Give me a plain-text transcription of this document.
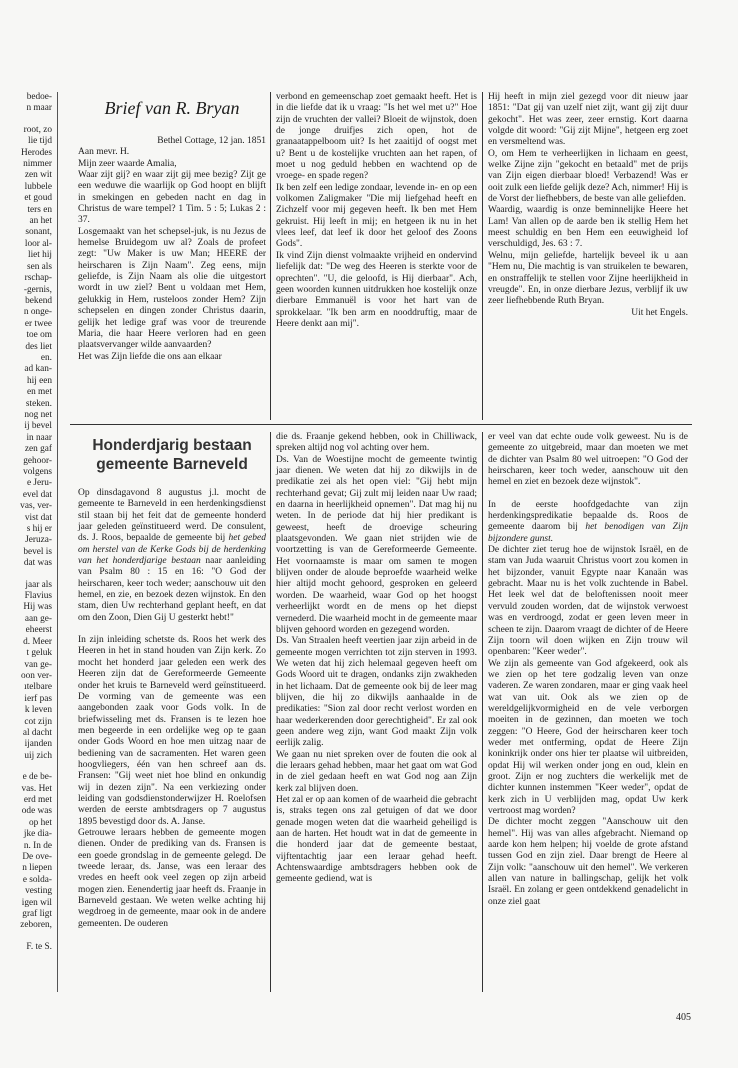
bedoe-
n maar
root, zo
lie tijd
Herodes
nimmer
zen wit
lubbele
et goud
ters en
an het
sonant,
loor al-
liet hij
sen als
rschap-
-gernis,
bekend
n onge-
er twee
toe om
des liet
en.
ad kan-
hij een
en met
steken.
nog net
ij bevel
in naar
zen gaf
gehoor-
volgens
e Jeru-
evel dat
vas, ver-
vist dat
s hij er
Jeruza-
bevel is
dat was
jaar als
Flavius
Hij was
aan ge-
eheerst
d. Meer
t geluk
van ge-
oon ver-
ıtelbare
ierf pas
k leven
cot zijn
al dacht
ijanden
uij zich
e de be-
vas. Het
erd met
ode was
op het
jke dia-
n. In de
De ove-
n liepen
e solda-
vesting
igen wil
graf ligt
zeboren,
F. te S.
Brief van R. Bryan

Bethel Cottage, 12 jan. 1851

Aan mevr. H.

Mijn zeer waarde Amalia,

Waar zijt gij? en waar zijt gij mee bezig? Zijt ge een weduwe die waarlijk op God hoopt en blijft in smekingen en gebeden nacht en dag in Christus de ware tempel? 1 Tim. 5 : 5; Lukas 2 : 37.

Losgemaakt van het schepsel-juk, is nu Jezus de hemelse Bruidegom uw al? Zoals de profeet zegt: "Uw Maker is uw Man; HEERE der heirscharen is Zijn Naam". Zeg eens, mijn geliefde, is Zijn Naam als olie die uitgestort wordt in uw ziel? Bent u voldaan met Hem, gelukkig in Hem, rusteloos zonder Hem? Zijn schepselen en dingen zonder Christus daarin, gelijk het ledige graf was voor de treurende Maria, die haar Heere verloren had en geen plaatsvervanger wilde aanvaarden?

Het was Zijn liefde die ons aan elkaar

verbond en gemeenschap zoet gemaakt heeft. Het is in die liefde dat ik u vraag: "Is het wel met u?" Hoe zijn de vruchten der vallei? Bloeit de wijnstok, doen de jonge druifjes zich open, hot de granaatappelboom uit? Is het zaaitijd of oogst met u? Bent u de kostelijke vruchten aan het rapen, of moet u nog geduld hebben en wachtend op de vroege- en spade regen?

Ik ben zelf een ledige zondaar, levende in- en op een volkomen Zaligmaker "Die mij liefgehad heeft en Zichzelf voor mij gegeven heeft. Ik ben met Hem gekruist. Hij leeft in mij; en hetgeen ik nu in het vlees leef, dat leef ik door het geloof des Zoons Gods".

Ik vind Zijn dienst volmaakte vrijheid en ondervind liefelijk dat: "De weg des Heeren is sterkte voor de oprechten". "U, die geloofd, is Hij dierbaar". Ach, geen woorden kunnen uitdrukken hoe kostelijk onze dierbare Emmanuël is voor het hart van de sprokkelaar. "Ik ben arm en nooddruftig, maar de Heere denkt aan mij".

Hij heeft in mijn ziel gezegd voor dit nieuw jaar 1851: "Dat gij van uzelf niet zijt, want gij zijt duur gekocht". Het was zeer, zeer ernstig. Kort daarna volgde dit woord: "Gij zijt Mijne", hetgeen erg zoet en versmeltend was.

O, om Hem te verheerlijken in lichaam en geest, welke Zijne zijn "gekocht en betaald" met de prijs van Zijn eigen dierbaar bloed! Verbazend! Was er ooit zulk een liefde gelijk deze? Ach, nimmer! Hij is de Vorst der liefhebbers, de beste van alle geliefden.

Waardig, waardig is onze beminnelijke Heere het Lam! Van allen op de aarde ben ik stellig Hem het meest schuldig en ben Hem een eeuwigheid lof verschuldigd, Jes. 63 : 7.

Welnu, mijn geliefde, hartelijk beveel ik u aan "Hem nu, Die machtig is van struikelen te bewaren, en onstraffelijk te stellen voor Zijne heerlijkheid in vreugde". En, in onze dierbare Jezus, verblijf ik uw zeer liefhebbende Ruth Bryan.

Uit het Engels.

Honderdjarig bestaan gemeente Barneveld

Op dinsdagavond 8 augustus j.l. mocht de gemeente te Barneveld in een herdenkingsdienst stil staan bij het feit dat de gemeente honderd jaar geleden geïnstitueerd werd. De consulent, ds. J. Roos, bepaalde de gemeente bij het gebed om herstel van de Kerke Gods bij de herdenking van het honderdjarige bestaan naar aanleiding van Psalm 80 : 15 en 16: "O God der heirscharen, keer toch weder; aanschouw uit den hemel, en zie, en bezoek dezen wijnstok. En den stam, dien Uw rechterhand geplant heeft, en dat om den Zoon, Dien Gij U gesterkt hebt!"

In zijn inleiding schetste ds. Roos het werk des Heeren in het in stand houden van Zijn kerk. Zo mocht het honderd jaar geleden een werk des Heeren zijn dat de Gereformeerde Gemeente onder het kruis te Barneveld werd geïnstitueerd. De vorming van de gemeente was een aangebonden zaak voor Gods volk. In de briefwisseling met ds. Fransen is te lezen hoe men begeerde in een ordelijke weg op te gaan onder Gods Woord en hoe men uitzag naar de bediening van de sacramenten. Het waren geen hoogvliegers, één van hen schreef aan ds. Fransen: "Gij weet niet hoe blind en onkundig wij in dezen zijn". Na een verkiezing onder leiding van godsdienstonderwijzer H. Roelofsen werden de eerste ambtsdragers op 7 augustus 1895 bevestigd door ds. A. Janse.

Getrouwe leraars hebben de gemeente mogen dienen. Onder de prediking van ds. Fransen is een goede grondslag in de gemeente gelegd. De tweede leraar, ds. Janse, was een leraar des vredes en heeft ook veel zegen op zijn arbeid mogen zien. Eenendertig jaar heeft ds. Fraanje in Barneveld gestaan. We weten welke achting hij wegdroeg in de gemeente, maar ook in de andere gemeenten. De ouderen

die ds. Fraanje gekend hebben, ook in Chilliwack, spreken altijd nog vol achting over hem.

Ds. Van de Woestijne mocht de gemeente twintig jaar dienen. We weten dat hij zo dikwijls in de predikatie zei als het open viel: "Gij hebt mijn rechterhand gevat; Gij zult mij leiden naar Uw raad; en daarna in heerlijkheid opnemen". Dat mag hij nu weten. In de periode dat hij hier predikant is geweest, heeft de droevige scheuring plaatsgevonden. We gaan niet strijden wie de voortzetting is van de Gereformeerde Gemeente. Het voornaamste is maar om samen te mogen blijven onder de aloude beproefde waarheid welke hier altijd mocht gehoord, gesproken en geleerd worden. De waarheid, waar God op het hoogst verheerlijkt wordt en de mens op het diepst vernederd. Die waarheid mocht in de gemeente maar blijven gehoord worden en gezegend worden.

Ds. Van Straalen heeft veertien jaar zijn arbeid in de gemeente mogen verrichten tot zijn sterven in 1993. We weten dat hij zich helemaal gegeven heeft om Gods Woord uit te dragen, ondanks zijn zwakheden in het lichaam. Dat de gemeente ook bij de leer mag blijven, die hij zo dikwijls aanhaalde in de predikaties: "Sion zal door recht verlost worden en haar wederkerenden door gerechtigheid". Er zal ook geen andere weg zijn, want God maakt Zijn volk eerlijk zalig.

We gaan nu niet spreken over de fouten die ook al die leraars gehad hebben, maar het gaat om wat God in de ziel gedaan heeft en wat God nog aan Zijn kerk zal blijven doen.

Het zal er op aan komen of de waarheid die gebracht is, straks tegen ons zal getuigen of dat we door genade mogen weten dat die waarheid geheiligd is aan de harten. Het houdt wat in dat de gemeente in die honderd jaar dat de gemeente bestaat, vijftentachtig jaar een leraar gehad heeft. Achtenswaardige ambtsdragers hebben ook de gemeente gediend, wat is

er veel van dat echte oude volk geweest. Nu is de gemeente zo uitgebreid, maar dan moeten we met de dichter van Psalm 80 wel uitroepen: "O God der heirscharen, keer toch weder, aanschouw uit den hemel en ziet en bezoek deze wijnstok".

In de eerste hoofdgedachte van zijn herdenkingspredikatie bepaalde ds. Roos de gemeente daarom bij het benodigen van Zijn bijzondere gunst.

De dichter ziet terug hoe de wijnstok Israël, en de stam van Juda waaruit Christus voort zou komen in het bijzonder, vanuit Egypte naar Kanaän was gebracht. Maar nu is het volk zuchtende in Babel. Het leek wel dat de beloftenissen nooit meer vervuld zouden worden, dat de wijnstok verwoest was en verdroogd, zodat er geen leven meer in scheen te zijn. Daarom vraagt de dichter of de Heere Zijn toorn wil doen wijken en Zijn trouw wil openbaren: "Keer weder".

We zijn als gemeente van God afgekeerd, ook als we zien op het tere godzalig leven van onze vaderen. Ze waren zondaren, maar er ging vaak heel wat van uit. Ook als we zien op de wereldgelijkvormigheid en de vele verborgen moeiten in de gezinnen, dan moeten we toch zeggen: "O Heere, God der heirscharen keer toch weder met ontferming, opdat de Heere Zijn koninkrijk onder ons hier ter plaatse wil uitbreiden, opdat Hij wil werken onder jong en oud, klein en groot. Zijn er nog zuchters die werkelijk met de dichter kunnen instemmen "Keer weder", opdat de kerk zich in U verblijden mag, opdat Uw kerk vertroost mag worden?

De dichter mocht zeggen "Aanschouw uit den hemel". Hij was van alles afgebracht. Niemand op aarde kon hem helpen; hij voelde de grote afstand tussen God en zijn ziel. Daar brengt de Heere al Zijn volk: "aanschouw uit den hemel". We verkeren allen van nature in ballingschap, gelijk het volk Israël. En zolang er geen ontdekkend genadelicht in onze ziel gaat

405
